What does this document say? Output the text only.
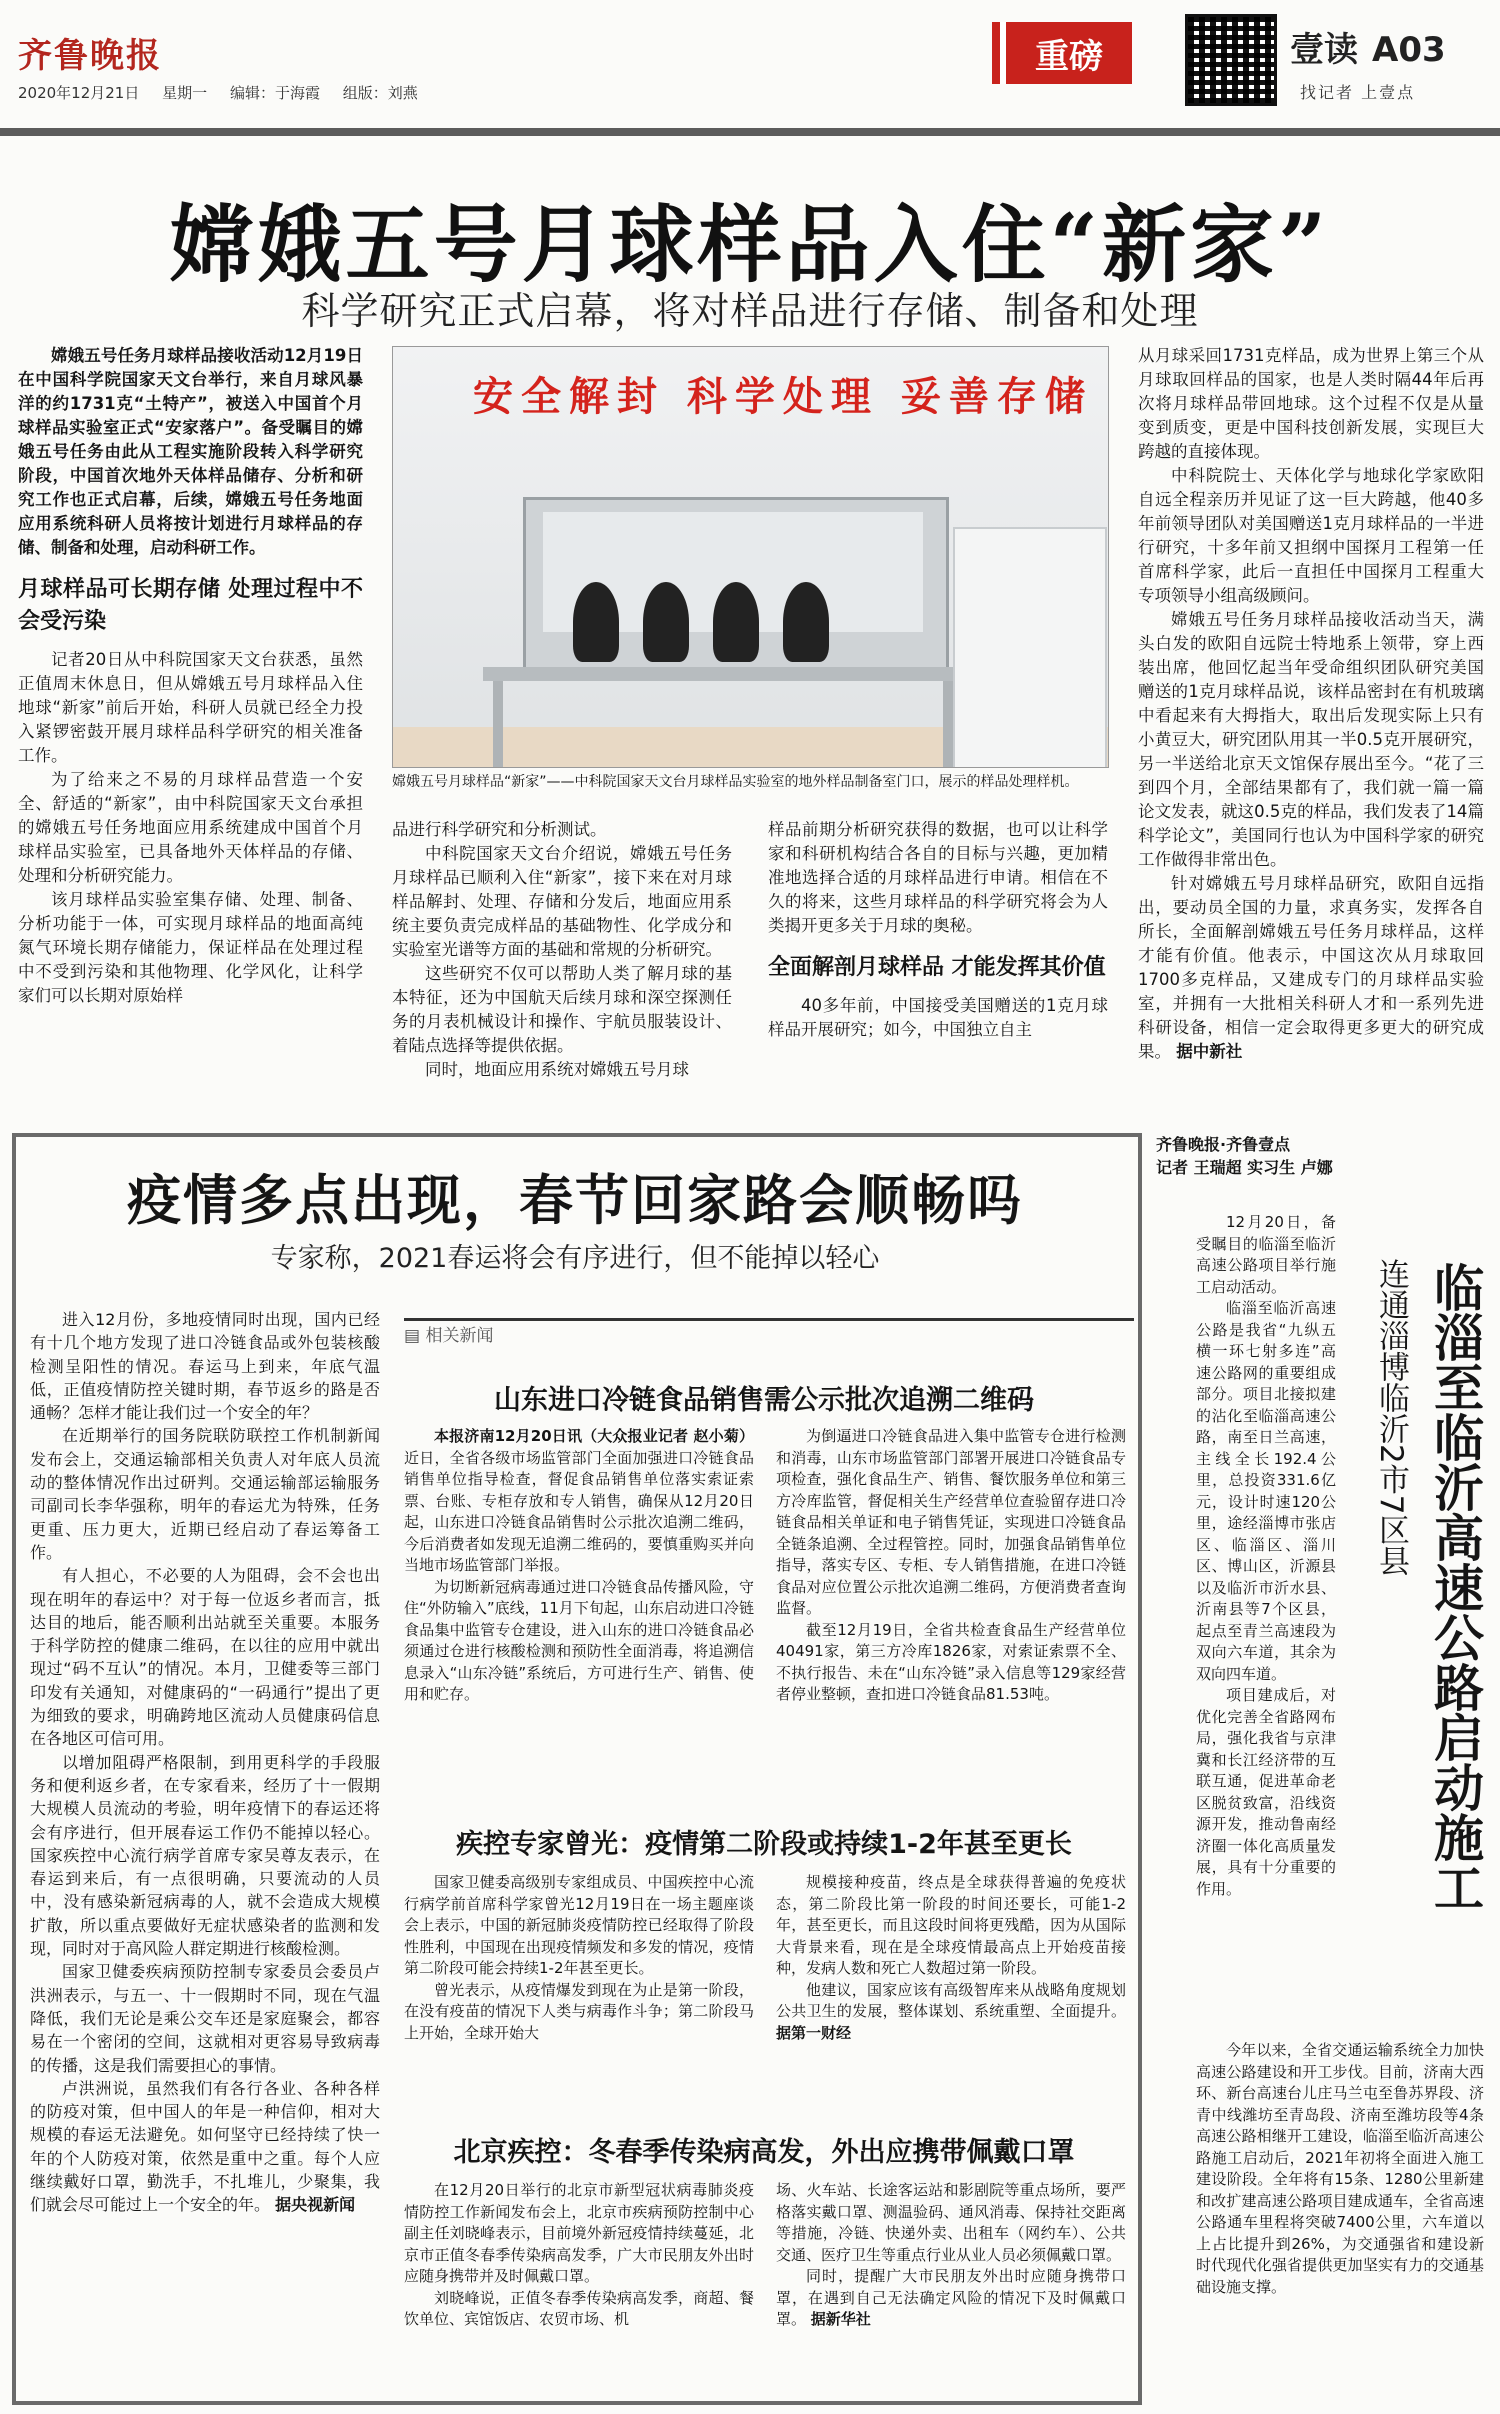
齐鲁晚报
2020年12月21日 星期一 编辑：于海霞 组版：刘燕
重磅	壹读 A03
找记者 上壹点
嫦娥五号月球样品入住“新家”
科学研究正式启幕，将对样品进行存储、制备和处理

嫦娥五号任务月球样品接收活动12月19日在中国科学院国家天文台举行，来自月球风暴洋的约1731克“土特产”，被送入中国首个月球样品实验室正式“安家落户”。备受瞩目的嫦娥五号任务由此从工程实施阶段转入科学研究阶段，中国首次地外天体样品储存、分析和研究工作也正式启幕，后续，嫦娥五号任务地面应用系统科研人员将按计划进行月球样品的存储、制备和处理，启动科研工作。

月球样品可长期存储 处理过程中不会受污染

记者20日从中科院国家天文台获悉，虽然正值周末休息日，但从嫦娥五号月球样品入住地球“新家”前后开始，科研人员就已经全力投入紧锣密鼓开展月球样品科学研究的相关准备工作。

为了给来之不易的月球样品营造一个安全、舒适的“新家”，由中科院国家天文台承担的嫦娥五号任务地面应用系统建成中国首个月球样品实验室，已具备地外天体样品的存储、处理和分析研究能力。

该月球样品实验室集存储、处理、制备、分析功能于一体，可实现月球样品的地面高纯氮气环境长期存储能力，保证样品在处理过程中不受到污染和其他物理、化学风化，让科学家们可以长期对原始样

安全解封 科学处理 妥善存储
嫦娥五号月球样品“新家”——中科院国家天文台月球样品实验室的地外样品制备室门口，展示的样品处理样机。

品进行科学研究和分析测试。

中科院国家天文台介绍说，嫦娥五号任务月球样品已顺利入住“新家”，接下来在对月球样品解封、处理、存储和分发后，地面应用系统主要负责完成样品的基础物性、化学成分和实验室光谱等方面的基础和常规的分析研究。

这些研究不仅可以帮助人类了解月球的基本特征，还为中国航天后续月球和深空探测任务的月表机械设计和操作、宇航员服装设计、着陆点选择等提供依据。

同时，地面应用系统对嫦娥五号月球

样品前期分析研究获得的数据，也可以让科学家和科研机构结合各自的目标与兴趣，更加精准地选择合适的月球样品进行申请。相信在不久的将来，这些月球样品的科学研究将会为人类揭开更多关于月球的奥秘。

全面解剖月球样品 才能发挥其价值

40多年前，中国接受美国赠送的1克月球样品开展研究；如今，中国独立自主

从月球采回1731克样品，成为世界上第三个从月球取回样品的国家，也是人类时隔44年后再次将月球样品带回地球。这个过程不仅是从量变到质变，更是中国科技创新发展，实现巨大跨越的直接体现。

中科院院士、天体化学与地球化学家欧阳自远全程亲历并见证了这一巨大跨越，他40多年前领导团队对美国赠送1克月球样品的一半进行研究，十多年前又担纲中国探月工程第一任首席科学家，此后一直担任中国探月工程重大专项领导小组高级顾问。

嫦娥五号任务月球样品接收活动当天，满头白发的欧阳自远院士特地系上领带，穿上西装出席，他回忆起当年受命组织团队研究美国赠送的1克月球样品说，该样品密封在有机玻璃中看起来有大拇指大，取出后发现实际上只有小黄豆大，研究团队用其一半0.5克开展研究，另一半送给北京天文馆保存展出至今。“花了三到四个月，全部结果都有了，我们就一篇一篇论文发表，就这0.5克的样品，我们发表了14篇科学论文”，美国同行也认为中国科学家的研究工作做得非常出色。

针对嫦娥五号月球样品研究，欧阳自远指出，要动员全国的力量，求真务实，发挥各自所长，全面解剖嫦娥五号任务月球样品，这样才能有价值。他表示，中国这次从月球取回1700多克样品，又建成专门的月球样品实验室，并拥有一大批相关科研人才和一系列先进科研设备，相信一定会取得更多更大的研究成果。 据中新社

疫情多点出现，春节回家路会顺畅吗
专家称，2021春运将会有序进行，但不能掉以轻心

进入12月份，多地疫情同时出现，国内已经有十几个地方发现了进口冷链食品或外包装核酸检测呈阳性的情况。春运马上到来，年底气温低，正值疫情防控关键时期，春节返乡的路是否通畅？怎样才能让我们过一个安全的年？

在近期举行的国务院联防联控工作机制新闻发布会上，交通运输部相关负责人对年底人员流动的整体情况作出过研判。交通运输部运输服务司副司长李华强称，明年的春运尤为特殊，任务更重、压力更大，近期已经启动了春运筹备工作。

有人担心，不必要的人为阻碍，会不会也出现在明年的春运中？对于每一位返乡者而言，抵达目的地后，能否顺利出站就至关重要。本服务于科学防控的健康二维码，在以往的应用中就出现过“码不互认”的情况。本月，卫健委等三部门印发有关通知，对健康码的“一码通行”提出了更为细致的要求，明确跨地区流动人员健康码信息在各地区可信可用。

以增加阻碍严格限制，到用更科学的手段服务和便利返乡者，在专家看来，经历了十一假期大规模人员流动的考验，明年疫情下的春运还将会有序进行，但开展春运工作仍不能掉以轻心。国家疾控中心流行病学首席专家吴尊友表示，在春运到来后，有一点很明确，只要流动的人员中，没有感染新冠病毒的人，就不会造成大规模扩散，所以重点要做好无症状感染者的监测和发现，同时对于高风险人群定期进行核酸检测。

国家卫健委疾病预防控制专家委员会委员卢洪洲表示，与五一、十一假期时不同，现在气温降低，我们无论是乘公交车还是家庭聚会，都容易在一个密闭的空间，这就相对更容易导致病毒的传播，这是我们需要担心的事情。

卢洪洲说，虽然我们有各行各业、各种各样的防疫对策，但中国人的年是一种信仰，相对大规模的春运无法避免。如何坚守已经持续了快一年的个人防疫对策，依然是重中之重。每个人应继续戴好口罩，勤洗手，不扎堆儿，少聚集，我们就会尽可能过上一个安全的年。 据央视新闻

▤ 相关新闻
山东进口冷链食品销售需公示批次追溯二维码

本报济南12月20日讯（大众报业记者 赵小菊）近日，全省各级市场监管部门全面加强进口冷链食品销售单位指导检查，督促食品销售单位落实索证索票、台账、专柜存放和专人销售，确保从12月20日起，山东进口冷链食品销售时公示批次追溯二维码，今后消费者如发现无追溯二维码的，要慎重购买并向当地市场监管部门举报。

为切断新冠病毒通过进口冷链食品传播风险，守住“外防输入”底线，11月下旬起，山东启动进口冷链食品集中监管专仓建设，进入山东的进口冷链食品必须通过仓进行核酸检测和预防性全面消毒，将追溯信息录入“山东冷链”系统后，方可进行生产、销售、使用和贮存。

为倒逼进口冷链食品进入集中监管专仓进行检测和消毒，山东市场监管部门部署开展进口冷链食品专项检查，强化食品生产、销售、餐饮服务单位和第三方冷库监管，督促相关生产经营单位查验留存进口冷链食品相关单证和电子销售凭证，实现进口冷链食品全链条追溯、全过程管控。同时，加强食品销售单位指导，落实专区、专柜、专人销售措施，在进口冷链食品对应位置公示批次追溯二维码，方便消费者查询监督。

截至12月19日，全省共检查食品生产经营单位40491家，第三方冷库1826家，对索证索票不全、不执行报告、未在“山东冷链”录入信息等129家经营者停业整顿，查扣进口冷链食品81.53吨。

疾控专家曾光：疫情第二阶段或持续1-2年甚至更长

国家卫健委高级别专家组成员、中国疾控中心流行病学前首席科学家曾光12月19日在一场主题座谈会上表示，中国的新冠肺炎疫情防控已经取得了阶段性胜利，中国现在出现疫情频发和多发的情况，疫情第二阶段可能会持续1-2年甚至更长。

曾光表示，从疫情爆发到现在为止是第一阶段，在没有疫苗的情况下人类与病毒作斗争；第二阶段马上开始，全球开始大

规模接种疫苗，终点是全球获得普遍的免疫状态，第二阶段比第一阶段的时间还要长，可能1-2年，甚至更长，而且这段时间将更残酷，因为从国际大背景来看，现在是全球疫情最高点上开始疫苗接种，发病人数和死亡人数超过第一阶段。

他建议，国家应该有高级智库来从战略角度规划公共卫生的发展，整体谋划、系统重塑、全面提升。 据第一财经

北京疾控：冬春季传染病高发，外出应携带佩戴口罩

在12月20日举行的北京市新型冠状病毒肺炎疫情防控工作新闻发布会上，北京市疾病预防控制中心副主任刘晓峰表示，目前境外新冠疫情持续蔓延，北京市正值冬春季传染病高发季，广大市民朋友外出时应随身携带并及时佩戴口罩。

刘晓峰说，正值冬春季传染病高发季，商超、餐饮单位、宾馆饭店、农贸市场、机

场、火车站、长途客运站和影剧院等重点场所，要严格落实戴口罩、测温验码、通风消毒、保持社交距离等措施，冷链、快递外卖、出租车（网约车）、公共交通、医疗卫生等重点行业从业人员必须佩戴口罩。

同时，提醒广大市民朋友外出时应随身携带口罩，在遇到自己无法确定风险的情况下及时佩戴口罩。 据新华社

齐鲁晚报·齐鲁壹点
记者 王瑞超 实习生 卢娜
临淄至临沂高速公路启动施工
连通淄博临沂2市7区县

12月20日，备受瞩目的临淄至临沂高速公路项目举行施工启动活动。

临淄至临沂高速公路是我省“九纵五横一环七射多连”高速公路网的重要组成部分。项目北接拟建的沾化至临淄高速公路，南至日兰高速，主线全长192.4公里，总投资331.6亿元，设计时速120公里，途经淄博市张店区、临淄区、淄川区、博山区，沂源县以及临沂市沂水县、沂南县等7个区县，起点至青兰高速段为双向六车道，其余为双向四车道。

项目建成后，对优化完善全省路网布局，强化我省与京津冀和长江经济带的互联互通，促进革命老区脱贫致富，沿线资源开发，推动鲁南经济圈一体化高质量发展，具有十分重要的作用。

今年以来，全省交通运输系统全力加快高速公路建设和开工步伐。目前，济南大西环、新台高速台儿庄马兰屯至鲁苏界段、济青中线潍坊至青岛段、济南至潍坊段等4条高速公路相继开工建设，临淄至临沂高速公路施工启动后，2021年初将全面进入施工建设阶段。全年将有15条、1280公里新建和改扩建高速公路项目建成通车，全省高速公路通车里程将突破7400公里，六车道以上占比提升到26%，为交通强省和建设新时代现代化强省提供更加坚实有力的交通基础设施支撑。
